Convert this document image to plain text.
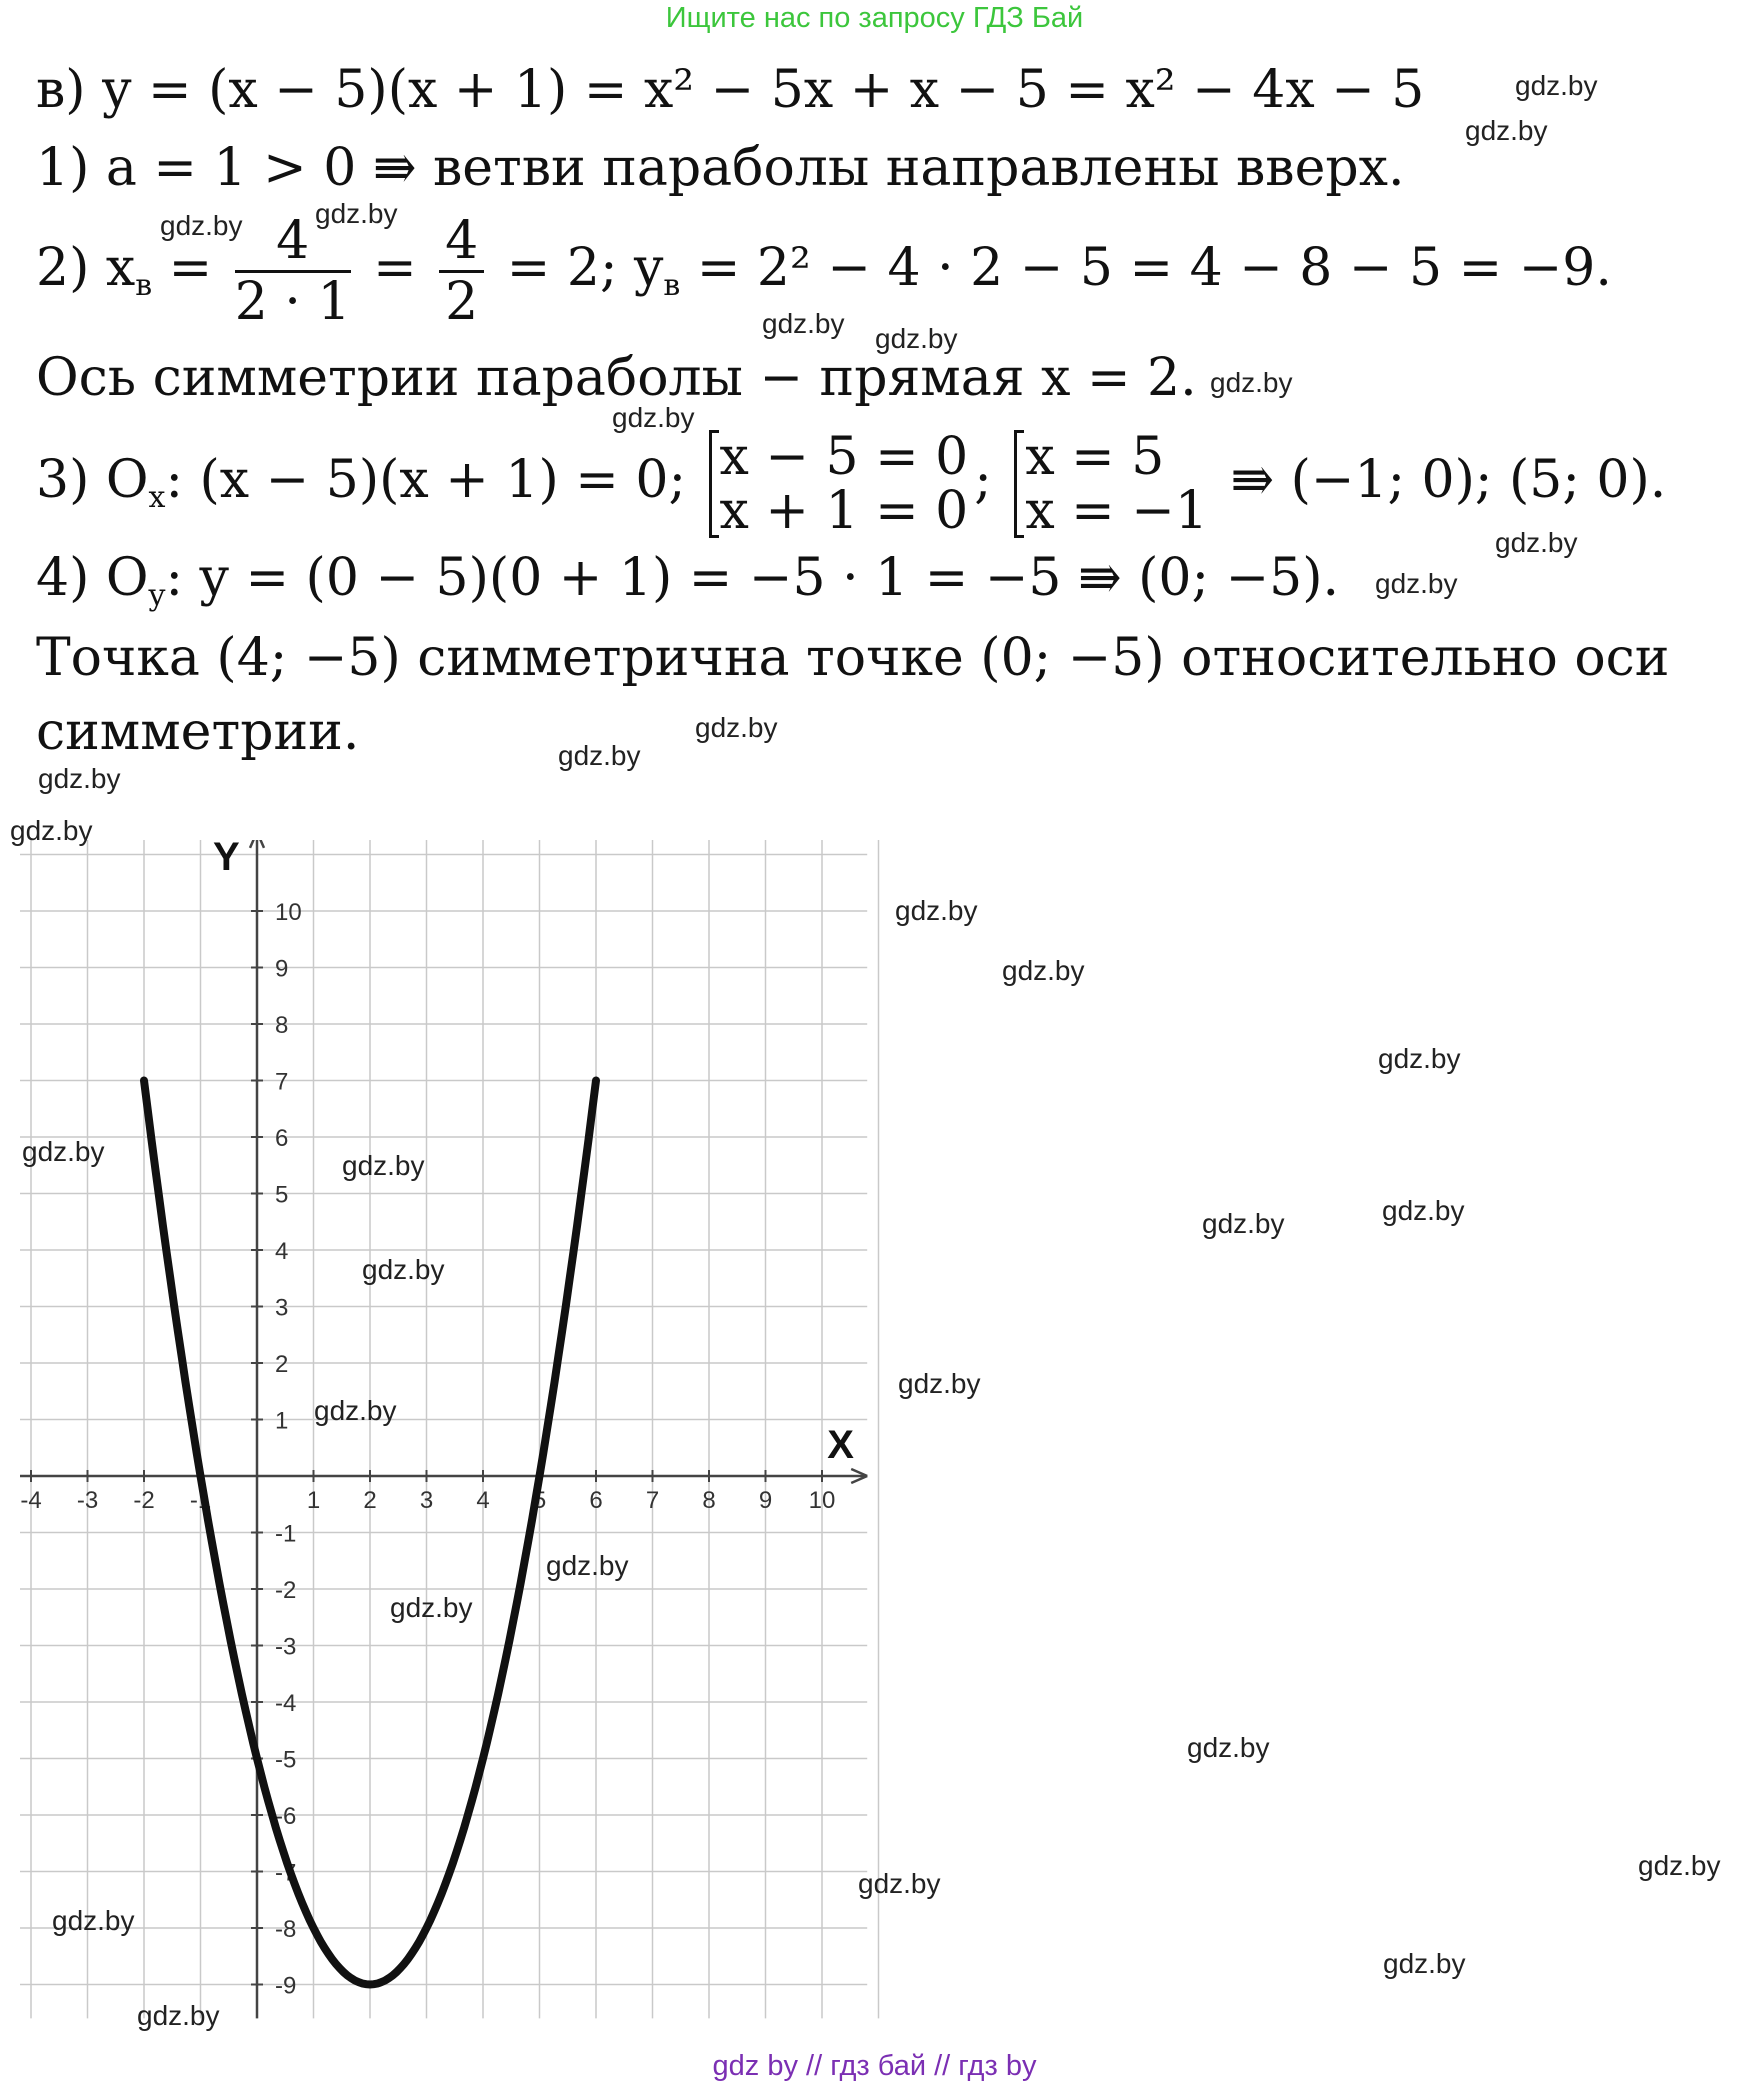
Ищите нас по запросу ГДЗ Бай
в) y = (x − 5)(x + 1) = x² − 5x + x − 5 = x² − 4x − 5
1) a = 1 > 0 ⇛ ветви параболы направлены вверх.
2) $x_в = \frac{4}{2 \cdot 1} = \frac{4}{2} = 2$; $y_в = 2^2 - 4 \cdot 2 - 5 = 4 - 8 - 5 = -9$.
Ось симметрии параболы − прямая x = 2.
3) $O_x$: (x − 5)(x + 1) = 0; x − 5 = 0
x + 1 = 0
; x = 5
x = −1
⇛ (−1; 0); (5; 0).
4) $O_y$: y = (0 − 5)(0 + 1) = −5 · 1 = −5 ⇛ (0; −5).
Точка (4; −5) симметрична точке (0; −5) относительно оси
симметрии.
-4 -3 -2 -1	1 2 3 4 5 6 7 8 9 10
-9
-8
-7
-6
-5
-4
-3
-2
-1
1
2
3
4
5
6
7
8
9
10
X
Y
gdz.by
gdz.by
gdz.by	gdz.by
gdz.by gdz.by
gdz.by
gdz.by
gdz.by
gdz.by
gdz.by
gdz.by
gdz.by
gdz.by
gdz.by
gdz.by
gdz.by
gdz.by	gdz.by
gdz.by
gdz.by
gdz.by
gdz.by
gdz.by
gdz.by
gdz.by
gdz.by
gdz.by
gdz.by
gdz.by
gdz.by
gdz.by
gdz by // гдз бай // гдз by
